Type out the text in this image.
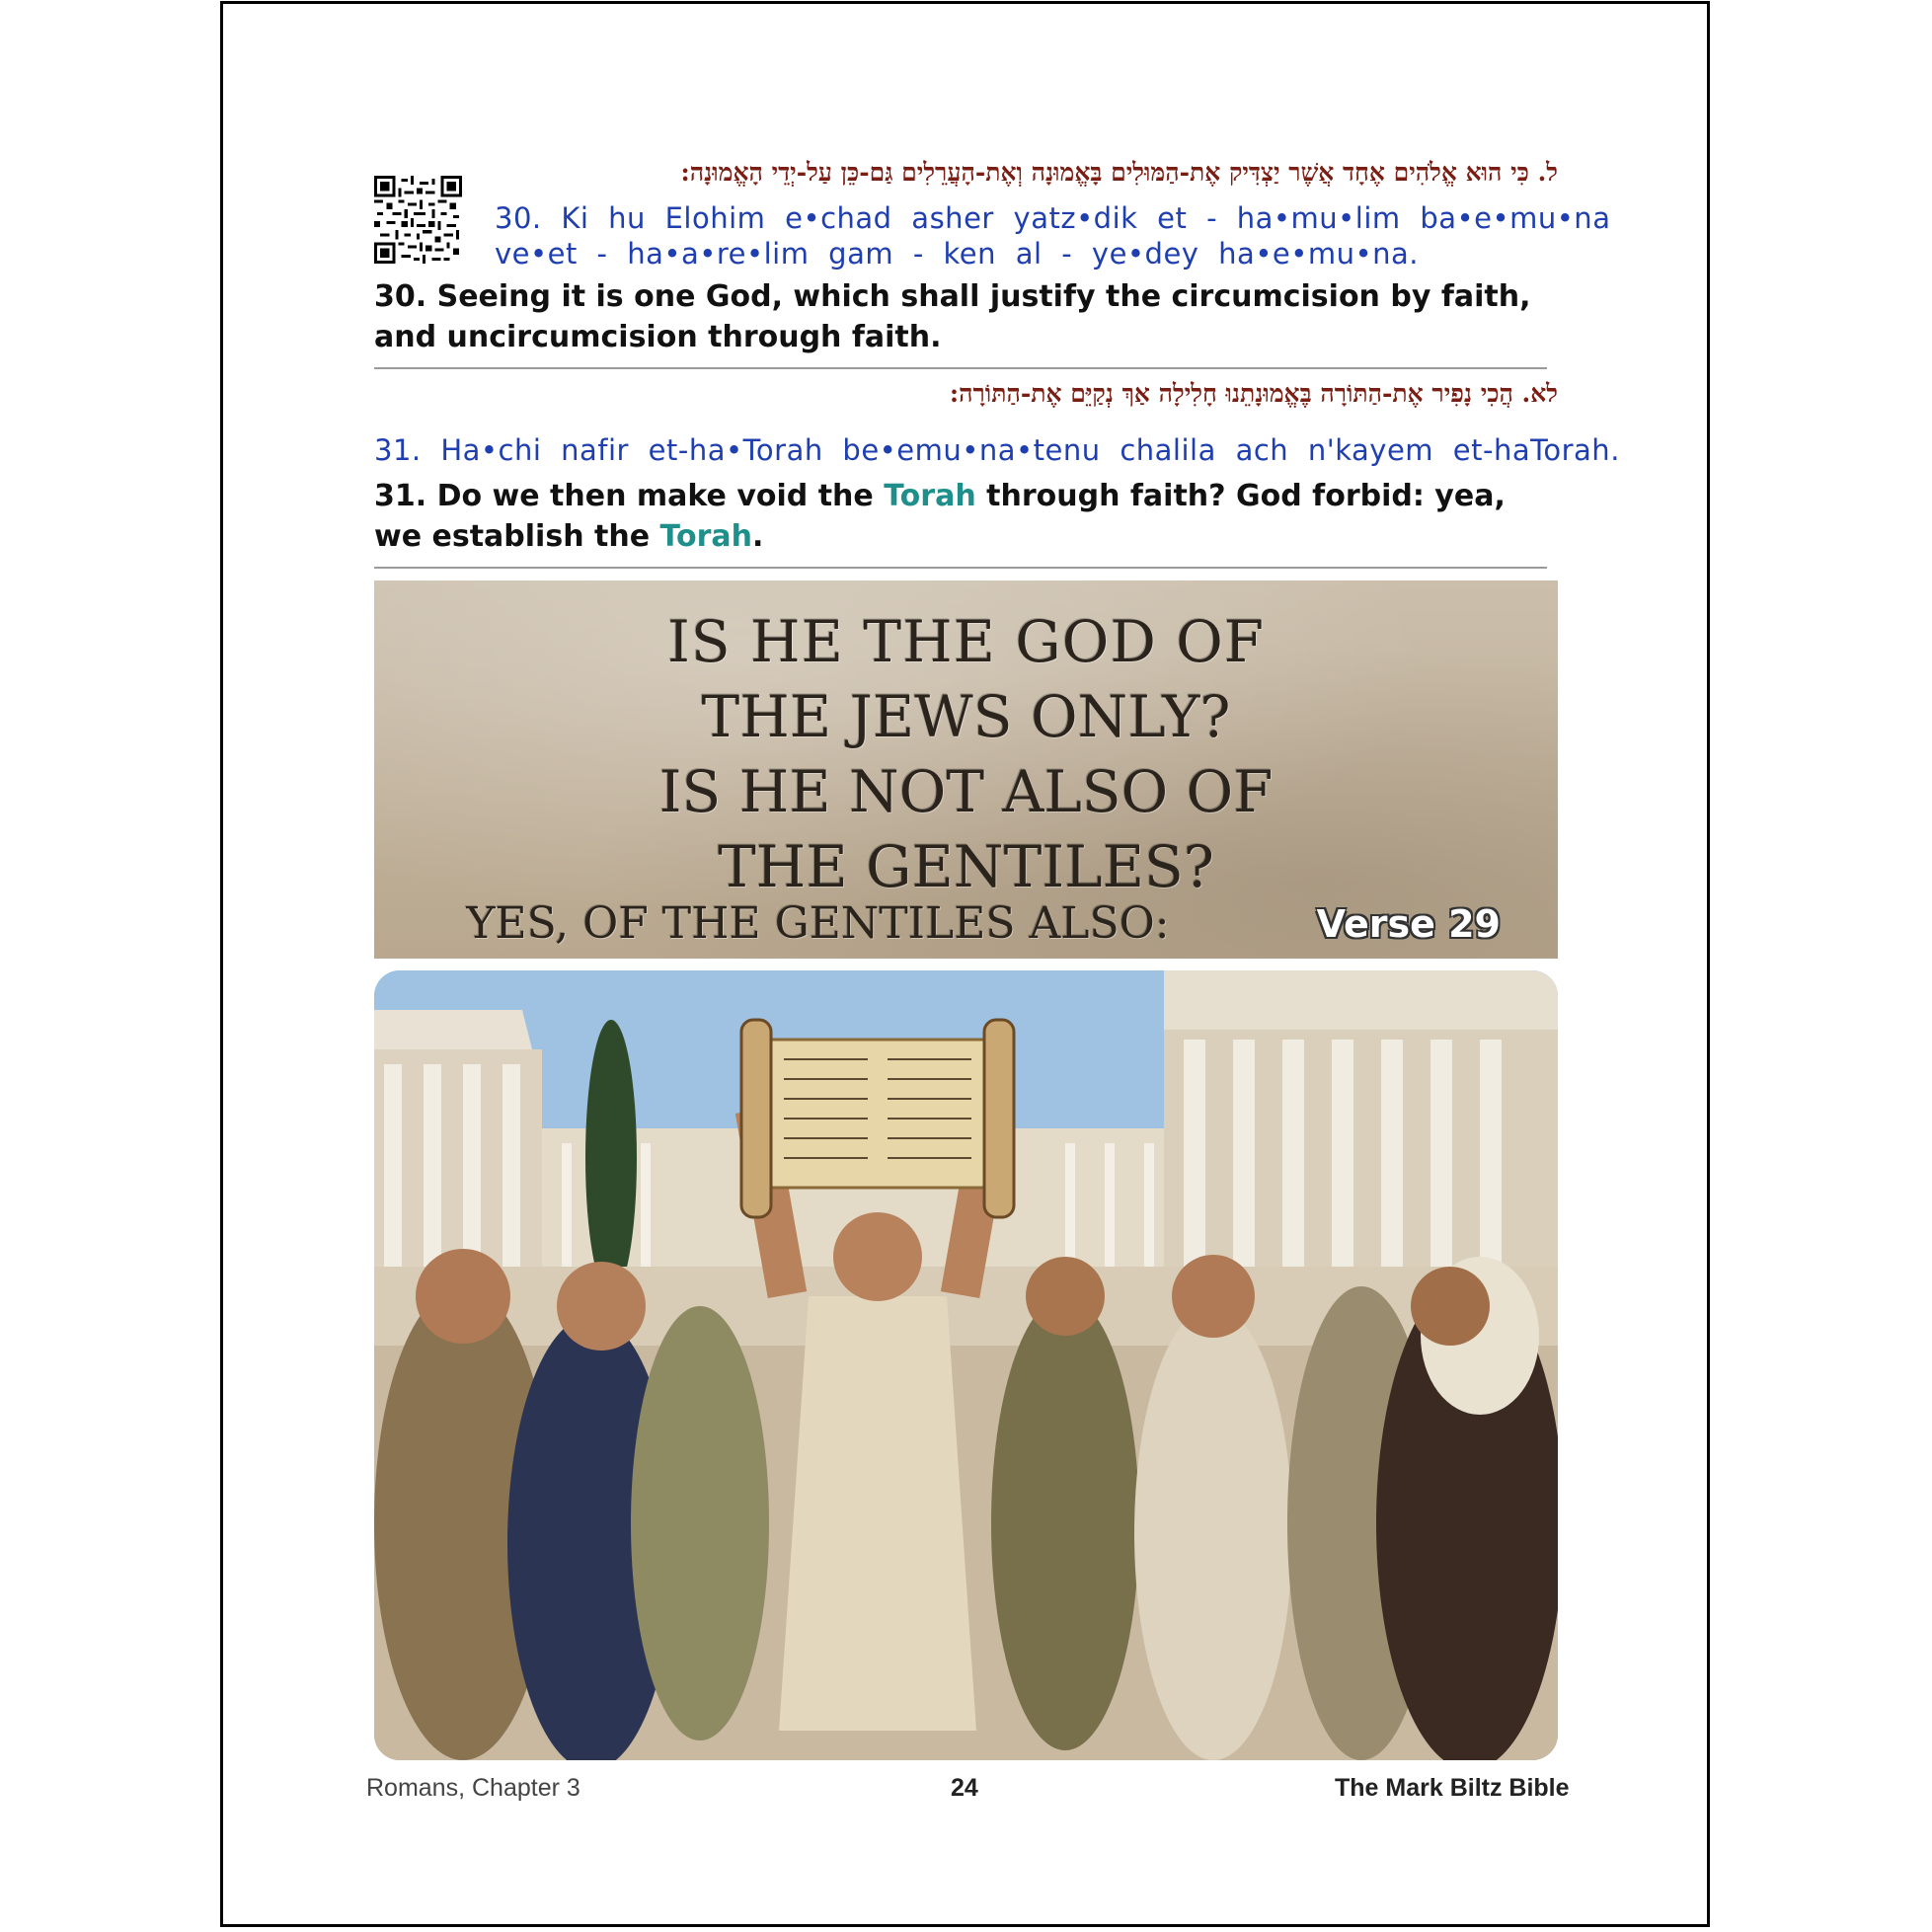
ל. כִּי הוּא אֱלֹהִים אֶחָד אֲשֶׁר יַצְדִּיק אֶת-הַמּוּלִים בָּאֱמוּנָה וְאֶת-הָעֲרֵלִים גַּם-כֵּן עַל-יְדֵי הָאֱמוּנָה:
30. Ki hu Elohim e•chad asher yatz•dik et - ha•mu•lim ba•e•mu•na
ve•et - ha•a•re•lim gam - ken al - ye•dey ha•e•mu•na.
30. Seeing it is one God, which shall justify the circumcision by faith, and uncircumcision through faith.
לא. הֲכִי נָפִיר אֶת-הַתּוֹרָה בֶּאֱמוּנָתֵנוּ חָלִילָה אַךְ נְקַיֵּם אֶת-הַתּוֹרָה:
31. Ha•chi nafir et-ha•Torah be•emu•na•tenu chalila ach n'kayem et-haTorah.
31. Do we then make void the Torah through faith? God forbid: yea, we establish the Torah.
IS HE THE GOD OF
THE JEWS ONLY?
IS HE NOT ALSO OF
THE GENTILES?
YES, OF THE GENTILES ALSO:	Verse 29
Romans, Chapter 3	24	The Mark Biltz Bible
